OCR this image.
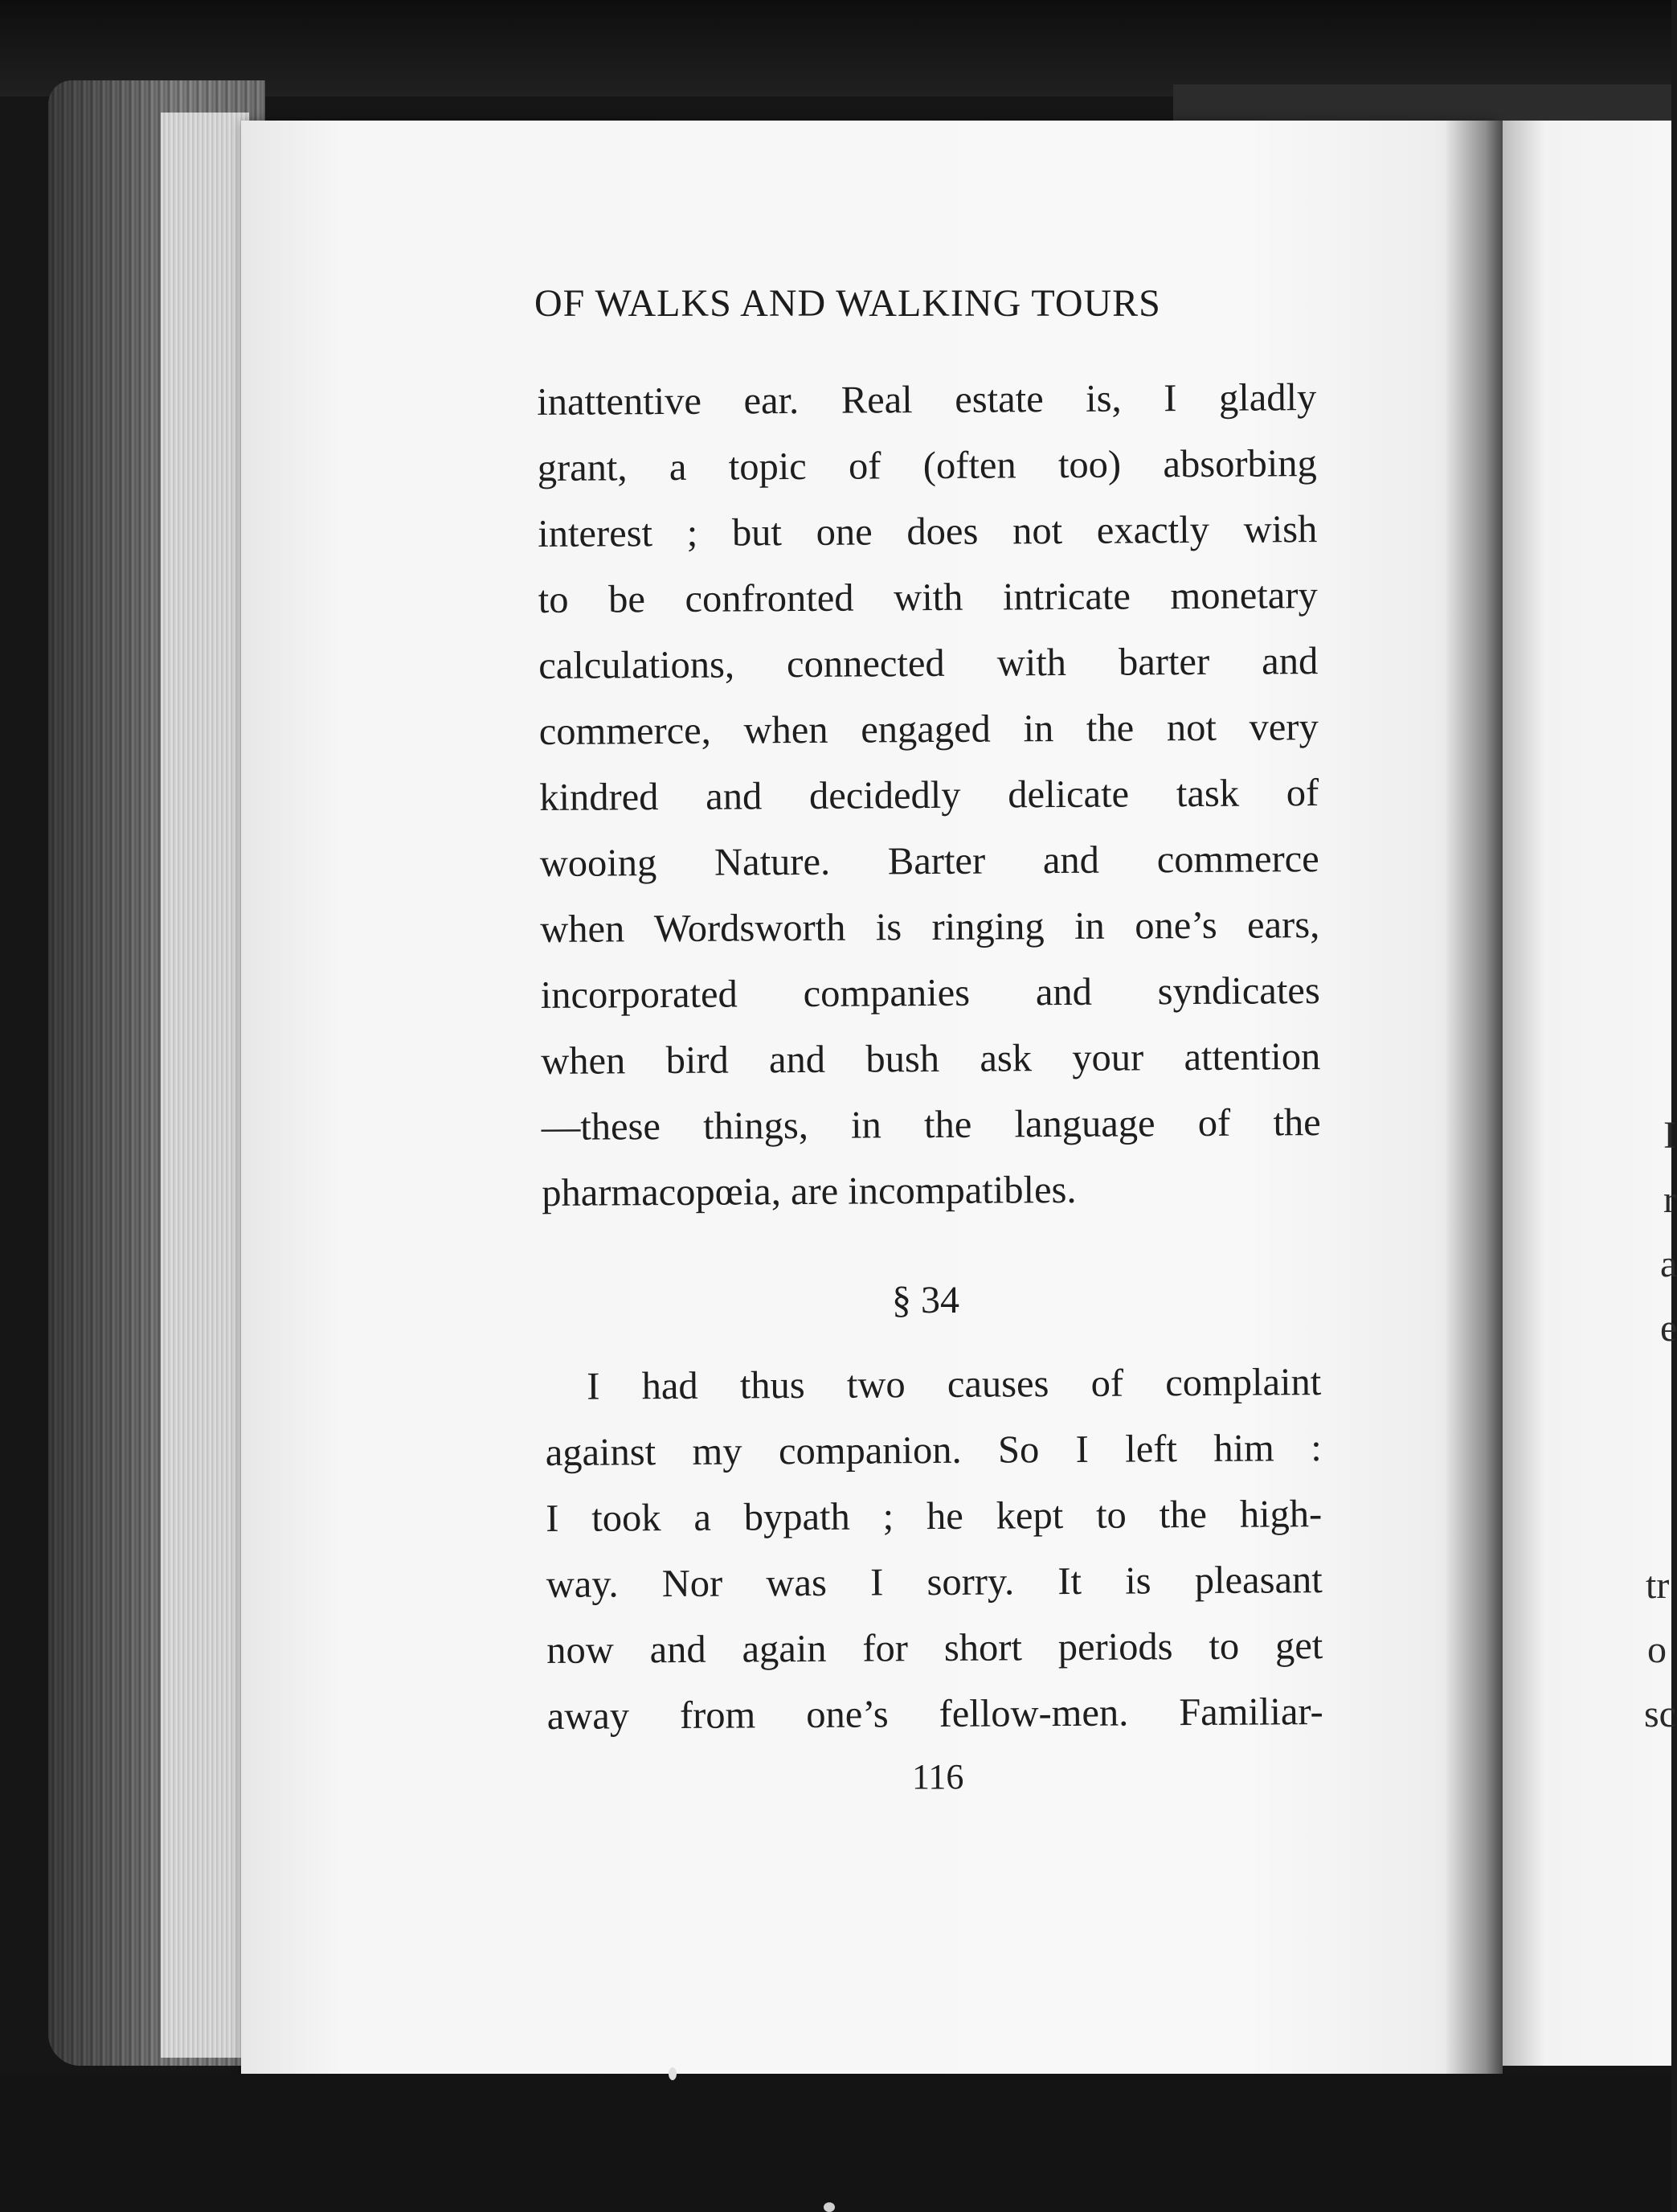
OF WALKS AND WALKING TOURS
inattentive ear. Real estate is, I gladly
grant, a topic of (often too) absorbing
interest ; but one does not exactly wish
to be confronted with intricate monetary
calculations, connected with barter and
commerce, when engaged in the not very
kindred and decidedly delicate task of
wooing Nature. Barter and commerce
when Wordsworth is ringing in one’s ears,
incorporated companies and syndicates
when bird and bush ask your attention
—these things, in the language of the
pharmacopœia, are incompatibles.
§ 34
I had thus two causes of complaint
against my companion. So I left him :
I took a bypath ; he kept to the high-
way. Nor was I sorry. It is pleasant
now and again for short periods to get
away from one’s fellow-men. Familiar-
116
I
r
a
e
tr
o
sc
